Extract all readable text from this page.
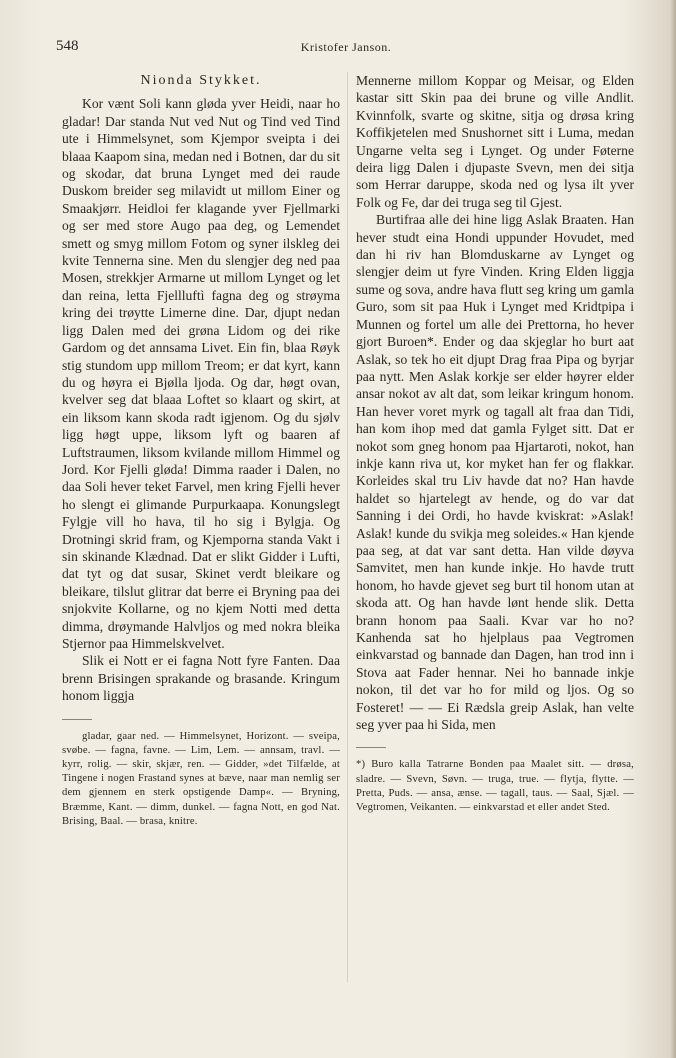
548	Kristofer Janson.
Nionda Stykket.

Kor vænt Soli kann gløda yver Heidi, naar ho gladar! Dar standa Nut ved Nut og Tind ved Tind ute i Himmelsynet, som Kjempor sveipta i dei blaaa Kaapom sina, medan ned i Botnen, dar du sit og skodar, dat bruna Lynget med dei raude Duskom breider seg milavidt ut millom Einer og Smaakjørr. Heidloi fer klagande yver Fjellmarki og ser med store Augo paa deg, og Lemendet smett og smyg millom Fotom og syner ilskleg dei kvite Tennerna sine. Men du slengjer deg ned paa Mosen, strekkjer Armarne ut millom Lynget og let dan reina, letta Fjellluftì fagna deg og strøyma kring dei trøytte Limerne dine. Dar, djupt nedan ligg Dalen med dei grøna Lidom og dei rike Gardom og det annsama Livet. Ein fin, blaa Røyk stig stundom upp millom Treom; er dat kyrt, kann du og høyra ei Bjølla ljoda. Og dar, høgt ovan, kvelver seg dat blaaa Loftet so klaart og skirt, at ein liksom kann skoda radt igjenom. Og du sjølv ligg høgt uppe, liksom lyft og baaren af Luftstraumen, liksom kvilande millom Himmel og Jord. Kor Fjelli gløda! Dimma raader i Dalen, no daa Soli hever teket Farvel, men kring Fjelli hever ho slengt ei glimande Purpurkaapa. Konungslegt Fylgje vill ho hava, til ho sig i Bylgja. Og Drotningi skrid fram, og Kjemporna standa Vakt i sin skinande Klædnad. Dat er slikt Gidder i Lufti, dat tyt og dat susar, Skinet verdt bleikare og bleikare, tilslut glitrar dat berre ei Bryning paa dei snjokvite Kollarne, og no kjem Notti med detta dimma, drøymande Halvljos og med nokra bleika Stjernor paa Himmelskvelvet.

Slik ei Nott er ei fagna Nott fyre Fanten. Daa brenn Brisingen sprakande og brasande. Kringum honom liggja

gladar, gaar ned. — Himmelsynet, Horizont. — sveipa, svøbe. — fagna, favne. — Lim, Lem. — annsam, travl. — kyrr, rolig. — skir, skjær, ren. — Gidder, »det Tilfælde, at Tingene i nogen Frastand synes at bæve, naar man nemlig ser dem gjennem en sterk opstigende Damp«. — Bryning, Bræmme, Kant. — dimm, dunkel. — fagna Nott, en god Nat. Brising, Baal. — brasa, knitre.

Mennerne millom Koppar og Meisar, og Elden kastar sitt Skin paa dei brune og ville Andlit. Kvinnfolk, svarte og skitne, sitja og drøsa kring Koffikjetelen med Snushornet sitt i Luma, medan Ungarne velta seg i Lynget. Og under Føterne deira ligg Dalen i djupaste Svevn, men dei sitja som Herrar daruppe, skoda ned og lysa ilt yver Folk og Fe, dar dei truga seg til Gjest.

Burtifraa alle dei hine ligg Aslak Braaten. Han hever studt eina Hondi uppunder Hovudet, med dan hi riv han Blomduskarne av Lynget og slengjer deim ut fyre Vinden. Kring Elden liggja sume og sova, andre hava flutt seg kring um gamla Guro, som sit paa Huk i Lynget med Kridtpipa i Munnen og fortel um alle dei Prettorna, ho hever gjort Buroen*. Ender og daa skjeglar ho burt aat Aslak, so tek ho eit djupt Drag fraa Pipa og byrjar paa nytt. Men Aslak korkje ser elder høyrer elder ansar nokot av alt dat, som leikar kringum honom. Han hever voret myrk og tagall alt fraa dan Tidi, han kom ihop med dat gamla Fylget sitt. Dat er nokot som gneg honom paa Hjartaroti, nokot, han inkje kann riva ut, kor myket han fer og flakkar. Korleides skal tru Liv havde dat no? Han havde haldet so hjartelegt av hende, og do var dat Sanning i dei Ordi, ho havde kviskrat: »Aslak! Aslak! kunde du svikja meg soleides.« Han kjende paa seg, at dat var sant detta. Han vilde døyva Samvitet, men han kunde inkje. Ho havde trutt honom, ho havde gjevet seg burt til honom utan at skoda att. Og han havde lønt hende slik. Detta brann honom paa Saali. Kvar var ho no? Kanhenda sat ho hjelplaus paa Vegtromen einkvarstad og bannade dan Dagen, han trod inn i Stova aat Fader hennar. Nei ho bannade inkje nokon, til det var ho for mild og ljos. Og so Fosteret! — — Ei Rædsla greip Aslak, han velte seg yver paa hi Sida, men

*) Buro kalla Tatrarne Bonden paa Maalet sitt. — drøsa, sladre. — Svevn, Søvn. — truga, true. — flytja, flytte. — Pretta, Puds. — ansa, ænse. — tagall, taus. — Saal, Sjæl. — Vegtromen, Veikanten. — einkvarstad et eller andet Sted.
